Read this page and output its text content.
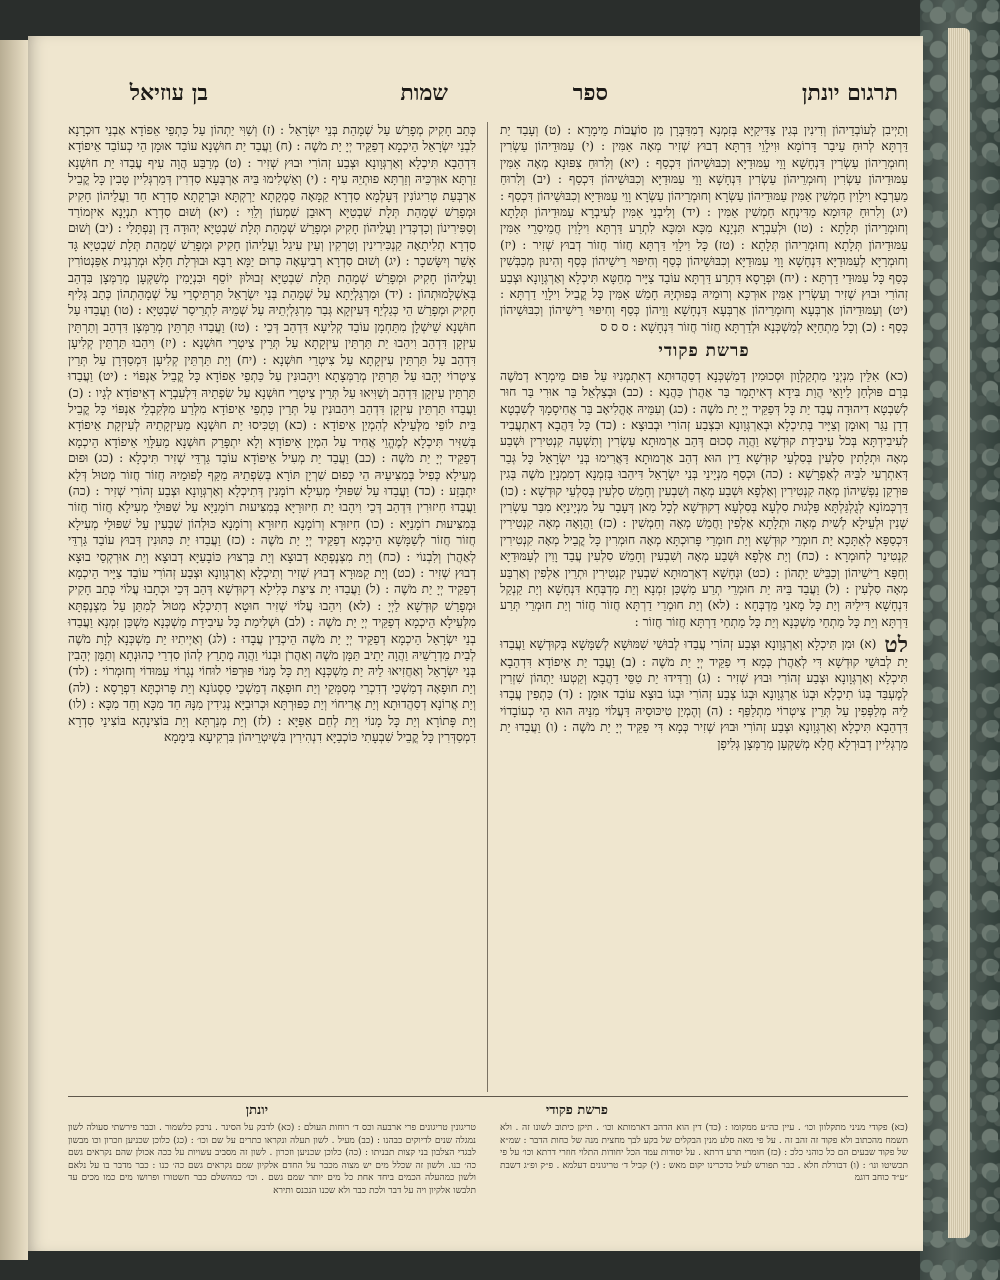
תרגום יונתן
ספר
שמות
בן עוזיאל

וְתַיְיבִן לְעוֹבְדֵיהוֹן וְדִינִין בְּגִין צַדִּיקַיָּא בְּזִמְנָא דְמִדַּבְּרָן מִן סוֹעֲבוֹת מֵימָרָא : (ט) וְעָבַד יַת דַּרְתָּא לְרוּחַ עֵיבַר דָּרוֹמָא וּוִילָוֵי דַּרְתָּא דְבוּץ שְׁזִיר מְאָה אַמִּין : (י) עַמּוּדֵיהוֹן עַשְׂרִין וְחוּמְרֵיהוֹן עַשְׂרִין דִּנְחָשָׁא וָוֵי עַמּוּדַיָּא וְכִבּוּשֵׁיהוֹן דִּכְסַף : (יא) וְלִרוּחַ צִפּוּנָא מְאָה אַמִּין עַמּוּדֵיהוֹן עַשְׂרִין וְחוּמְרֵיהוֹן עַשְׂרִין דִּנְחָשָׁא וָוֵי עַמּוּדַיָּא וְכִבּוּשֵׁיהוֹן דִּכְסַף : (יב) וְלִרוּחַ מַעַרְבָא וִילָוִין חַמְשִׁין אַמִּין עַמּוּדֵיהוֹן עַשְׂרָא וְחוּמְרֵיהוֹן עַשְׂרָא וָוֵי עַמּוּדַיָּא וְכִבּוּשֵׁיהוֹן דִּכְסַף : (יג) וְלִרוּחַ קִדּוּמָא מַדִּינְחָא חַמְשִׁין אַמִּין : (יד) וְלִיבְנֵי אַמִּין לְעִיבְרָא עַמּוּדֵיהוֹן תְּלָתָא וְחוּמְרֵיהוֹן תְּלָתָא : (טו) וּלְעִבְרָא תִּנְיָנָא מִכָּא וּמִכָּא לִתְרַע דַּרְתָּא וִילָוִין חֲמֵיסַרֵי אַמִּין עַמּוּדֵיהוֹן תְּלָתָא וְחוּמְרֵיהוֹן תְּלָתָא : (טז) כָּל וִילָוֵי דַּרְתָּא חֲזוֹר חֲזוֹר דְבוּץ שְׁזִיר : (יז) וְחוּמְרַיָּא לְעַמּוּדַיָּא דִּנְחָשָׁא וָוֵי עַמּוּדַיָּא וְכִבּוּשֵׁיהוֹן כְּסַף וְחִיפּוּי רֵישֵׁיהוֹן כְּסַף וְהִינוּן מְכַבְּשִׁין כְּסַף כָּל עַמּוּדֵי דַרְתָּא : (יח) וּפְרָסָא דִּתְרַע דַּרְתָּא עוֹבַד צַיָּיר מְחַטָּא תִּיכְלָא וְאַרְגְּוָונָא וּצְבַע זְהוֹרִי וּבוּץ שְׁזִיר וְעַשְׂרִין אַמִּין אוּרְכָּא וְרוּמֵיהּ בְּפוּתְיָהּ חָמֵשׁ אַמִּין כָּל קֳבֵיל וִילָוֵי דַרְתָּא : (יט) וְעַמּוּדֵיהוֹן אַרְבְּעָא וְחוּמְרֵיהוֹן אַרְבְּעָא דִּנְחָשָׁא וָוֵיהוֹן כְּסַף וְחִיפּוּי רֵישֵׁיהוֹן וְכִבּוּשֵׁיהוֹן כְּסַף : (כ) וְכָל מַתְחַיָּא לְמַשְׁכְּנָא וּלְדַרְתָּא חֲזוֹר חֲזוֹר דִּנְחָשָׁא : ס ס ס

פרשת פקודי

(כא) אִלֵּין מִנְיְנֵי מִתְקַלְוָון וּסְכוּמִין דְמַשְׁכְּנָא דְסַהֲדוּתָא דְאִתְמְנִיוּ עַל פּוּם מֵימְרָא דְמֹשֶׁה בְּרַם פּוּלְחַן לֵיוָאֵי הֲוַת בִּידָא דְאִיתָמָר בַּר אַהֲרֹן כַּהֲנָא : (כב) וּבְצַלְאֵל בַּר אוּרִי בַּר חוּר לְשִׁבְטָא דִיהוּדָה עֲבַד יַת כָּל דְּפַקֵּיד יְיָ יַת מֹשֶׁה : (כג) וְעִמֵּיהּ אָהֳלִיאָב בַּר אֲחִיסָמָךְ לְשִׁבְטָא דְדָן נַגַּר וְאוּמָן וְצַיָּיר בְּתִיכְלָא וּבְאַרְגְּוָונָא וּבִצְבַע זְהוֹרִי וּבְבוּצָא : (כד) כָּל דַּהֲבָא דְאִתְעֲבִיד לְעִיבִידְתָּא בְּכֹל עִיבִידַת קוּדְשָׁא וַהֲוָה סְכוּם דְּהַב אַרְמוּתָא עַשְׂרִין וְתִשְׁעָה קִנְטִירִין וּשְׁבַע מְאָה וּתְלָתִין סִלְעִין בְּסִלְעֵי קוּדְשָׁא דֵין הוּא דְהַב אַרְמוּתָא דַּאֲרִימוּ בְּנֵי יִשְׂרָאֵל כָּל גְּבַר דְּאִתְרְעִי לִבֵּיהּ לְאַפְרָשָׁא : (כה) וּכְסַף מִנְיָינֵי בְּנֵי יִשְׂרָאֵל דִּיהַבוּ בְּזִמְנָא דְמִמְנָיַן מֹשֶׁה בְּגִין פּוּרְקַן נַפְשֵׁיהוֹן מְאָה קִנְטִירִין וְאַלְפָא וּשְׁבַע מְאָה וְשִׁבְעִין וְחָמֵשׁ סִלְעִין בְּסִלְעֵי קוּדְשָׁא : (כו) דַּרְכְּמוֹנָא לְגֻלְגַּלְתָּא פַּלְגוּת סִלְעָא בְּסִלְעָא דְקוּדְשָׁא לְכָל מַאן דְּעָבַר עַל מִנְיָינַיָּא מִבַּר עַשְׂרִין שְׁנִין וּלְעֵילָא לְשִׁית מְאָה וּתְלָתָא אַלְפִין וַחֲמֵשׁ מְאָה וְחַמְשִׁין : (כז) וַהֲוָאָה מְאָה קִנְטִירִין דִּכְסַפָּא לְאַתָּכָא יַת חוּמְרֵי קוּדְשָׁא וְיַת חוּמְרֵי פָּרוּכְתָּא מְאָה חוּמְרִין כָּל קֳבֵיל מְאָה קִנְטִירִין קִנְטִינַר לְחוּמְרָא : (כח) וְיַת אַלְפָא וּשְׁבַע מְאָה וְשִׁבְעִין וְחָמֵשׁ סִלְעִין עֲבַד וָוִין לְעַמּוּדַיָּא וְחַפָּא רֵישֵׁיהוֹן וְכַבֵּישׁ יַתְהוֹן : (כט) וּנְחָשָׁא דְאַרְמוּתָא שִׁבְעִין קִנְטִירִין וּתְרֵין אַלְפִין וְאַרְבַּע מְאָה סִלְעִין : (ל) וַעֲבַד בֵּיהּ יַת חוּמְרֵי תְרַע מַשְׁכַּן זִמְנָא וְיַת מַדְבְּחָא דִּנְחָשָׁא וְיַת קַנְקַל דִּנְחָשָׁא דִּילֵיהּ וְיַת כָּל מָאנֵי מַדְבְּחָא : (לא) וְיַת חוּמְרֵי דַרְתָּא חֲזוֹר חֲזוֹר וְיַת חוּמְרֵי תְּרַע דַּרְתָּא וְיַת כָּל מַתְחֵי מַשְׁכְּנָא וְיַת כָּל מַתְחֵי דַרְתָּא חֲזוֹר חֲזוֹר :

לט(א) וּמִן תִּיכְלָא וְאַרְגְּוָונָא וּצְבַע זְהוֹרִי עֲבַדוּ לְבוּשֵׁי שִׁמּוּשָׁא לְשַׁמָּשָׁא בְּקוּדְשָׁא וַעֲבַדוּ יַת לְבוּשֵׁי קוּדְשָׁא דִּי לְאַהֲרֹן כְּמָא דִי פַקֵּיד יְיָ יַת מֹשֶׁה : (ב) וַעֲבַד יַת אֵיפוֹדָא דִּדְהַבָא תִּיכְלָא וְאַרְגְּוָונָא וּצְבַע זְהוֹרִי וּבוּץ שְׁזִיר : (ג) וְרַדִּידוּ יַת טַסֵּי דַהֲבָא וְקַטְעוּ יַתְהוֹן שִׁזְרִין לְמֶעְבַּד בְּגוֹ תִיכְלָא וּבְגוֹ אַרְגְּוָונָא וּבְגוֹ צְבַע זְהוֹרִי וּבְגוֹ בוּצָא עוֹבַד אוּמָן : (ד) כַּתְפִין עֲבָדוּ לֵיהּ מְלַפְּפִין עַל תְּרֵין צִיטְרוֹי מִתְלַפַּף : (ה) וְהֶמְיַן טִיכּוּסֵיהּ דַּעֲלוֹי מִנֵּיהּ הוּא הֵי כְעוֹבָדוֹי דִּדְהַבָא תִּיכְלָא וְאַרְגְּוָונָא וּצְבַע זְהוֹרִי וּבוּץ שְׁזִיר כְּמָא דִּי פַקֵּיד יְיָ יַת מֹשֶׁה : (ו) וַעֲבַדוּ יַת מַרְגְּלִיין דְבוּרְלָא חֲלָא מְשַׁקְעָן מְרַמְּצָן גְּלִיפָן

כְּתַב חָקִיק מְפָרַשׁ עַל שְׁמָהַת בְּנֵי יִשְׂרָאֵל : (ז) וְשַׁוִּי יַתְהוֹן עַל כַּתְפֵי אֵפוֹדָא אַבְנֵי דוּכְרָנָא לִבְנֵי יִשְׂרָאֵל הֵיכְמָא דְפַקֵּיד יְיָ יַת מֹשֶׁה : (ח) וַעֲבַד יַת חוּשְׁנָא עוֹבַד אוּמָן הֵי כְעוֹבַד אֵיפוֹדָא דִּדְהַבָא תִּיכְלָא וְאַרְגְּוָונָא וּצְבַע זְהוֹרִי וּבוּץ שְׁזִיר : (ט) מְרַבַּע הֲוָה עִיף עֲבַדוּ יַת חוּשְׁנָא זַרְתָּא אוּרְכֵּיהּ וְזַרְתָּא פוּתְיֵהּ עִיף : (י) וְאַשְׁלִימוּ בֵּיהּ אַרְבְּעָא סִדְרִין דְּמַרְגְּלִיין טָבִין כָּל קֳבֵיל אַרְבְּעַת טְרִיגוֹנִין דְּעָלְמָא סִדְרָא קַמָּאָה סַמְקָתָא יַרְקְתָּא וּבַרְקָתָא סִדְרָא חַד וַעֲלֵיהוֹן חָקִיק וּמְפָרַשׁ שְׁמָהַת תְּלָת שִׁבְטַיָּא רְאוּבֵן שִׁמְעוֹן וְלֵוִי : (יא) וְשׁוּם סִדְרָא תִנְיָנָא אִיזְמוֹרַד וְסַפִּירִינוֹן וְכַדְכְּדִין וַעֲלֵיהוֹן חָקִיק וּמְפָרַשׁ שְׁמָהַת תְּלָת שִׁבְטַיָּא יְהוּדָה דָּן וְנַפְתָּלִי : (יב) וְשׁוּם סִדְרָא תְלִיתָאָה קַנְכִּירִינִין וְטַרְקִין וְעֵין עִיגַל וַעֲלֵיהוֹן חָקִיק וּמְפָרַשׁ שְׁמָהַת תְּלָת שִׁבְטַיָּא גָּד אָשֵׁר וְיִשָּׂשכָר : (יג) וְשׁוּם סִדְרָא רְבִיעָאָה כְּרוּם יַמָּא רַבָּא וּבוּרְלָת חַלָּא וּמְרַגְנִית אַפַּנְטוֹרִין וַעֲלֵיהוֹן חָקִיק וּמְפָרַשׁ שְׁמָהַת תְּלָת שִׁבְטַיָּא זְבוּלוּן יוֹסֵף וּבִנְיָמִין מְשַׁקְּעָן מְרַמְּצָן בִּדְהַב בְּאַשְׁלָמוּתְהוֹן : (יד) וּמַרְגָּלְיָתָא עַל שְׁמָהַת בְּנֵי יִשְׂרָאֵל תַּרְתֵּיסְרֵי עַל שְׁמָהַתְהוֹן כְּתַב גְּלִיף חָקִיק וּמְפָרַשׁ הֵי כְּגַלְיֵף דְּעִיזְקָא גְּבַר מַרְגַּלְיְתֵיהּ עַל שְׁמֵיהּ לִתְרֵיסַר שִׁבְטַיָּא : (טו) וַעֲבַדוּ עַל חוּשְׁנָא שֵׁישְׁלָן מִתַּחְמָן עוֹבַד קְלִיעָא דִּדְהַב דְּכֵי : (טז) וַעֲבַדוּ תַּרְתֵּין מְרַמְּצָן דִּדְהַב וְתַרְתֵּין עִיזְקָן דִּדְהַב וִיהַבוּ יַת תַּרְתֵּין עִיזְקָתָא עַל תְּרֵין צִיטְרֵי חוּשְׁנָא : (יז) וִיהַבוּ תַּרְתֵּין קְלִיעָן דִּדְהַב עַל תַּרְתֵּין עִיזְקָתָא עַל צִיטְרֵי חוּשְׁנָא : (יח) וְיַת תַּרְתֵּין קְלִיעָן דִּמְסַדְּרָן עַל תְּרֵין צִיטְרוֹי יְהָבוּ עַל תַּרְתֵּין מְרַמְּצָתָא וִיהָבוּנִין עַל כַּתְפֵי אֵפוֹדָא כָּל קֳבֵיל אַנְפּוֹי : (יט) וַעֲבַדוּ תַּרְתֵּין עִיזְקָן דִּדְהַב וְשַׁוִּיאוּ עַל תְּרֵין צִיטְרֵי חוּשְׁנָא עַל שִׂפְתֵיהּ דִּלְעִבְרָא דְאֵיפוֹדָא לְגָיו : (כ) וַעֲבַדוּ תַּרְתֵּין עִיזְקָן דִּדְהַב וִיהַבוּנִין עַל תְּרֵין כַּתְפֵי אֵיפוֹדָא מִלְּרַע מִלְּקִבְלֵי אַנְפּוֹי כָּל קֳבֵיל בֵּית לוֹפֵי מִלְּעֵילָא לְהִמְיַן אֵיפוֹדָא : (כא) וְטַכִּיסוּ יַת חוּשְׁנָא מֵעִיזְקָתֵיהּ לְעִיזְקָת אֵיפוֹדָא בְּשִׁזִּיר תִּיכְלָא לְמֶהֱוֵי אֲחִיד עַל הִמְיַן אֵיפוֹדָא וְלָא יִתְפָּרַק חוּשְׁנָא מֵעִלָּוֵי אֵיפוֹדָא הֵיכְמָא דְפַקֵּיד יְיָ יַת מֹשֶׁה : (כב) וַעֲבַד יַת מְעִיל אֵיפוֹדָא עוֹבַד גַּרְדֵּי שְׁזִיר תִּיכְלָא : (כג) וּפוּם מְעִילָא כְּפִיל בְּמִצִּיעֵיהּ הֵי כְּפוּם שִׁרְיָן תּוֹרָא בְּשִׂפְתֵיהּ מַקַּף לְפוּמֵיהּ חֲזוֹר חֲזוֹר מְטוּל דְּלָא יִתְבְּזַע : (כד) וַעֲבַדוּ עַל שִׁפּוּלֵי מְעִילָא רוֹמָנִין דְּתִיכְלָא וְאַרְגְּוָונָא וּצְבַע זְהוֹרִי שְׁזִיר : (כה) וַעֲבַדוּ חִיזוּרִין דִּדְהַב דְּכֵי וִיהָבוּ יַת חִיזוּרַיָּא בְּמִצִּיעוּת רוֹמָנַיָּא עַל שִׁפּוּלֵי מְעִילָא חֲזוֹר חֲזוֹר בְּמִצִּיעוּת רוֹמָנַיָּא : (כו) חִיזוּרָא וְרוֹמָנָא חִיזוּרָא וְרוֹמָנָא כּוּלְהוֹן שִׁבְעִין עַל שִׁפּוּלֵי מְעִילָא חֲזוֹר חֲזוֹר לְשַׁמָּשָׁא הֵיכְמָא דְפַקֵּיד יְיָ יַת מֹשֶׁה : (כז) וַעֲבַדוּ יַת כִּתּוּנִין דְּבוּץ עוֹבַד גַּרְדֵּי לְאַהֲרֹן וְלִבְנוֹי : (כח) וְיַת מִצְנֶפְתָּא דְבוּצָא וְיַת בַּרְצוּץ כּוֹבָעַיָּא דְבוּצָא וְיַת אוּרְקְסֵי בוּצָא דְבוּץ שְׁזִיר : (כט) וְיַת קַמּוּרָא דְבוּץ שְׁזִיר וְתִיכְלָא וְאַרְגְּוָונָא וּצְבַע זְהוֹרִי עוֹבַד צַיָּיר הֵיכְמָא דְפַקֵּיד יְיָ יַת מֹשֶׁה : (ל) וַעֲבַדוּ יַת צִיצַת כְּלִילָא דְקוּדְשָׁא דְּהַב דְּכֵי וּכְתָבוּ עֲלוֹי כְּתַב חָקִיק וּמְפָרַשׁ קוּדְשָׁא לַיְיָ : (לא) וִיהַבוּ עֲלוֹי שְׁזִיר חוּטָא דְתִיכְלָא מְטוּל לְמִתַּן עַל מִצְנֶפְתָּא מִלְּעֵילָא הֵיכְמָא דְפַקֵּיד יְיָ יַת מֹשֶׁה : (לב) וּשְׁלִימַת כָּל עִיבִידַת מַשְׁכְּנָא מַשְׁכַּן זִמְנָא וַעֲבַדוּ בְנֵי יִשְׂרָאֵל הֵיכְמָא דְפַקֵּיד יְיָ יַת מֹשֶׁה הֵיכְדֵין עֲבָדוּ : (לג) וְאַיְיתִיוּ יַת מַשְׁכְּנָא לְוָת מֹשֶׁה לְבֵית מֵדְרָשֵׁיהּ וַהֲוָה יָתֵיב תַּמָּן מֹשֶׁה וְאַהֲרֹן וּבְנוֹי וַהֲוָה מְתָרֵץ לְהוֹן סִדְרֵי כְהוּנְתָא וְתַמָּן יְהָבִין בְּנֵי יִשְׂרָאֵל וְאַחֲזִיאוּ לֵיהּ יַת מַשְׁכְּנָא וְיַת כָּל מָנוֹי פּוּרְפּוֹי לוּחוֹי נְגָרוֹי עַמּוּדוֹי וְחוּמְרוֹי : (לד) וְיַת חוּפָאָה דְמַשְׁכֵי דְדִכְרֵי מְסַמְּקֵי וְיַת חוּפָאָה דְמַשְׁכֵי סַסְגוֹנָא וְיַת פָּרוּכְתָּא דִפְרָסָא : (לה) וְיַת אֲרוֹנָא דְסַהֲדוּתָא וְיַת אֲרִיחוֹי וְיַת כַּפּוּרְתָּא וּכְרוּבַיָּא נְגִידִין מִנָּהּ חַד מִכָּא וְחַד מִכָּא : (לו) וְיַת פָּתוֹרָא וְיַת כָּל מָנוֹי וְיַת לְחֵם אַפַּיָּא : (לז) וְיַת מְנַרְתָּא וְיַת בּוֹצִינָהָא בּוֹצִינֵי סִדְרָא דִמְסַדְּרִין כָּל קֳבֵיל שִׁבְעָתִי כּוֹכְבַיָּא דִנְהִירִין בִּשְׁיִטְרֵיהוֹן בִּרְקִיעָא בִּימָמָא

פרשת פקודי
יונתן
(כא) פקודי מניני מתקלוון וכו׳ . עיין כה״ע ממקומו : (כד) דין הוא הדהב דארמותא וכו׳ . תיקן כיתוב לשונו זה . ולא תשמח מהכתוב ולא פקוד זה זהב זה . על פי מאה סלע מנין הבקלים של בקע לבך מחצית מנה של כחות הדבר : שמ״א של פקוד שבעים הם כל כוהני כלכ : (כז) חומרי תרע דרתא . על יסודות עמד הכל יחודות התלוי חוזרי דרתא וכו׳ על פי תכשיטו ונו׳ : (ו) דבורלת חלא . כבר תפורש לעיל כדכרינו יקום מאש : (י) קביל ד׳ טריגונים דעלמא . פ״ק ופ״ג דשבת ״ע״ד כוחב דוגמ
טריגונין טריגונים פרי ארבעה וכס ד׳ רוחות העולם : (כא) לדבק על הסינר . נרכק כלשמור . וכבר פירשתי סעולה לשון נמגלה שנים לדיוקים כבהנו : (כב) מעיל . לשון תעלה ונקראו כתרים על שם וכו׳ : (כג) כלוכן שכניען וזכרון וכו מבשון לבגדי הצלבון בני קצות תבניתו : (כה) כלוכן שכניען וזכרון . לשון זה מסביב עשויות על ככה אכולן שהם נקראים גשם כה׳ כנו. ולשון זה שכלל מים יש מצוה מכבר על החדם אלקיון שמם נקראים גשם כה׳ כנו : כבר מדבר בו על נלאם ולשון כמהעלה הכמים ביחד אחת כל מים יותר שמם גשם . וכו׳ כמהשלם כבר חשטורו ופרושו מים כמו מכים עד תלבשו אלקיון ויה על דבר ולכת כבר ולא שכנו הנכנס ותירא
